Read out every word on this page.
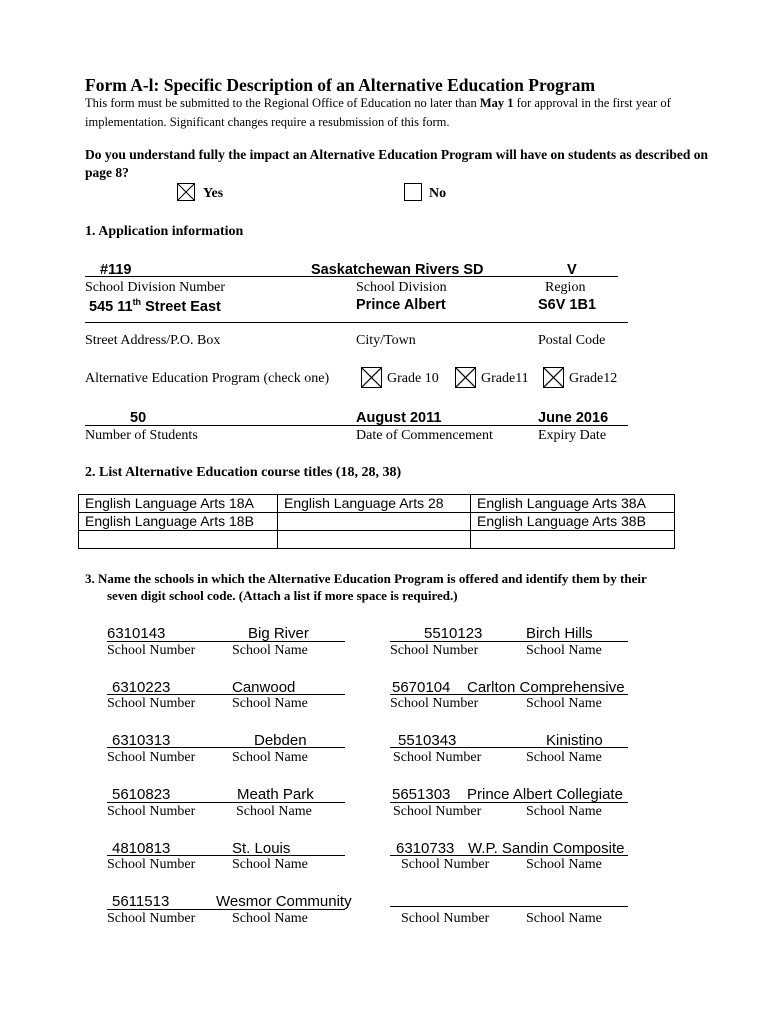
Form A-l: Specific Description of an Alternative Education Program
This form must be submitted to the Regional Office of Education no later than May 1 for approval in the first year of implementation. Significant changes require a resubmission of this form.
Do you understand fully the impact an Alternative Education Program will have on students as described on page 8?
Yes	No
1. Application information
#119	Saskatchewan Rivers SD	V
School Division Number	School Division	Region
545 11th Street East	Prince Albert	S6V 1B1
Street Address/P.O. Box	City/Town	Postal Code
Alternative Education Program (check one)	Grade 10	Grade11	Grade12
50	August 2011	June 2016
Number of Students	Date of Commencement	Expiry Date
2. List Alternative Education course titles (18, 28, 38)
English Language Arts 18A	English Language Arts 28	English Language Arts 38A
English Language Arts 18B		English Language Arts 38B

3. Name the schools in which the Alternative Education Program is offered and identify them by their
seven digit school code. (Attach a list if more space is required.)
6310143	Big River
School Number	School Name
6310223	Canwood
School Number	School Name
6310313	Debden
School Number	School Name
5610823	Meath Park
School Number	School Name
4810813	St. Louis
School Number	School Name
5611513	Wesmor Community
School Number	School Name
5510123	Birch Hills
School Number	School Name
5670104 Carlton Comprehensive
School Number	School Name
5510343	Kinistino
School Number	School Name
5651303 Prince Albert Collegiate
School Number	School Name
6310733 W.P. Sandin Composite
School Number	School Name
School Number	School Name
